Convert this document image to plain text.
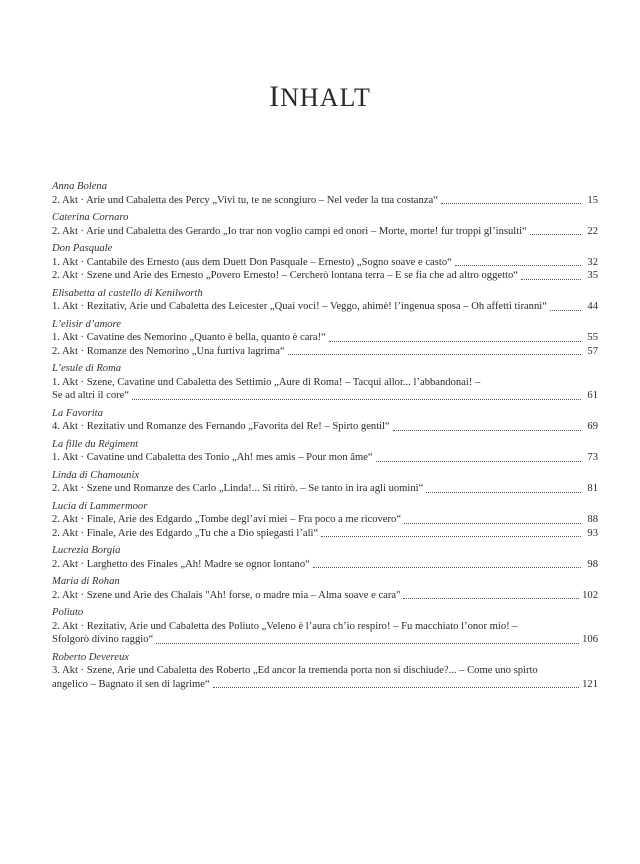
INHALT
Anna Bolena
2. Akt · Arie und Cabaletta des Percy „Vivi tu, te ne scongiuro – Nel veder la tua costanza“	15
Caterina Cornaro
2. Akt · Arie und Cabaletta des Gerardo „Io trar non voglio campi ed onori – Morte, morte! fur troppi gl’insulti“	22
Don Pasquale
1. Akt · Cantabile des Ernesto (aus dem Duett Don Pasquale – Ernesto) „Sogno soave e casto“	32
2. Akt · Szene und Arie des Ernesto „Povero Ernesto! – Cercherò lontana terra – E se fia che ad altro oggetto“	35
Elisabetta al castello di Kenilworth
1. Akt · Rezitativ, Arie und Cabaletta des Leicester „Quai voci! – Veggo, ahimè! l’ingenua sposa – Oh affetti tiranni“	44
L’elisir d’amore
1. Akt · Cavatine des Nemorino „Quanto è bella, quanto è cara!“	55
2. Akt · Romanze des Nemorino „Una furtiva lagrima“	57
L’esule di Roma
1. Akt · Szene, Cavatine und Cabaletta des Settimio „Aure di Roma! – Tacqui allor... l’abbandonai! –
Se ad altri il core“	61
La Favorita
4. Akt · Rezitativ und Romanze des Fernando „Favorita del Re! – Spirto gentil“	69
La fille du Régiment
1. Akt · Cavatine und Cabaletta des Tonio „Ah! mes amis – Pour mon âme“	73
Linda di Chamounix
2. Akt · Szene und Romanze des Carlo „Linda!... Si ritirò. – Se tanto in ira agli uomini“	81
Lucia di Lammermoor
2. Akt · Finale, Arie des Edgardo „Tombe degl’avi miei – Fra poco a me ricovero“	88
2. Akt · Finale, Arie des Edgardo „Tu che a Dio spiegasti l’ali“	93
Lucrezia Borgia
2. Akt · Larghetto des Finales „Ah! Madre se ognor lontano“	98
Maria di Rohan
2. Akt · Szene und Arie des Chalais "Ah! forse, o madre mia – Alma soave e cara"	102
Poliuto
2. Akt · Rezitativ, Arie und Cabaletta des Poliuto „Veleno è l’aura ch’io respiro! – Fu macchiato l’onor mio! –
Sfolgorò divino raggio“	106
Roberto Devereux
3. Akt · Szene, Arie und Cabaletta des Roberto „Ed ancor la tremenda porta non si dischiude?... – Come uno spirto
angelico – Bagnato il sen di lagrime“	121
